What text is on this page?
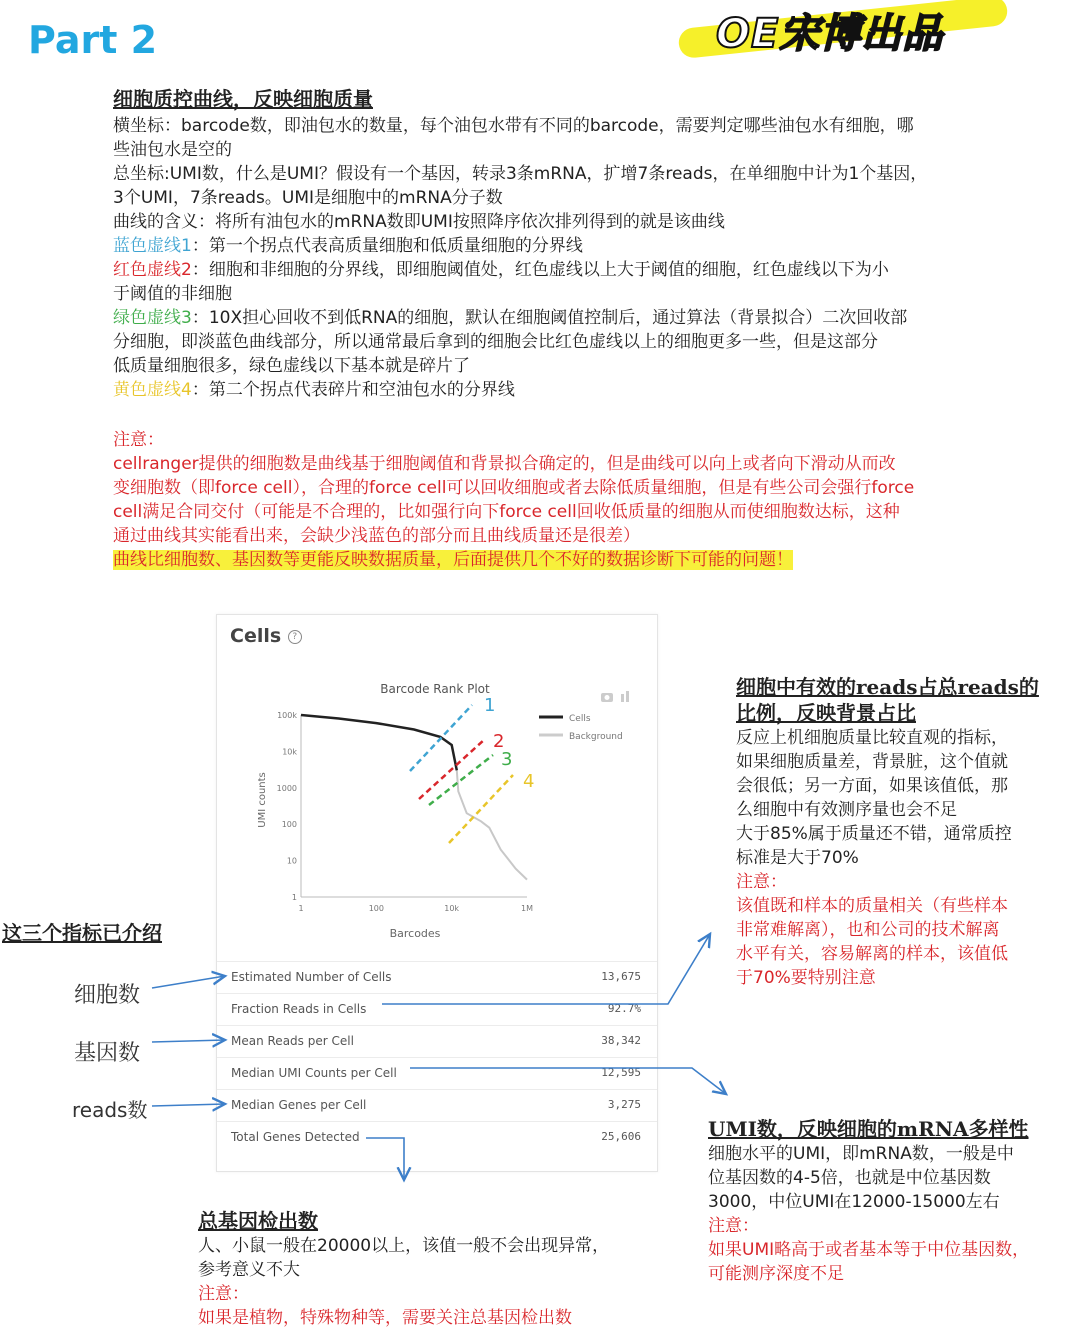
Part 2	OE宋博出品
细胞质控曲线，反映细胞质量
横坐标：barcode数，即油包水的数量，每个油包水带有不同的barcode，需要判定哪些油包水有细胞，哪
些油包水是空的
总坐标:UMI数，什么是UMI？假设有一个基因，转录3条mRNA，扩增7条reads，在单细胞中计为1个基因，
3个UMI，7条reads。UMI是细胞中的mRNA分子数
曲线的含义：将所有油包水的mRNA数即UMI按照降序依次排列得到的就是该曲线
蓝色虚线1：第一个拐点代表高质量细胞和低质量细胞的分界线
红色虚线2：细胞和非细胞的分界线，即细胞阈值处，红色虚线以上大于阈值的细胞，红色虚线以下为小
于阈值的非细胞
绿色虚线3：10X担心回收不到低RNA的细胞，默认在细胞阈值控制后，通过算法（背景拟合）二次回收部
分细胞，即淡蓝色曲线部分，所以通常最后拿到的细胞会比红色虚线以上的细胞更多一些，但是这部分
低质量细胞很多，绿色虚线以下基本就是碎片了
黄色虚线4：第二个拐点代表碎片和空油包水的分界线
注意：
cellranger提供的细胞数是曲线基于细胞阈值和背景拟合确定的，但是曲线可以向上或者向下滑动从而改
变细胞数（即force cell），合理的force cell可以回收细胞或者去除低质量细胞，但是有些公司会强行force
cell满足合同交付（可能是不合理的，比如强行向下force cell回收低质量的细胞从而使细胞数达标，这种
通过曲线其实能看出来，会缺少浅蓝色的部分而且曲线质量还是很差）
曲线比细胞数、基因数等更能反映数据质量，后面提供几个不好的数据诊断下可能的问题！
Cells ?
Barcode Rank Plot
100k
10k
1000
100
10
1
1	100	10k	1M
UMI counts
Barcodes
1
2
3
4
Cells
Background
Estimated Number of Cells	13,675
Fraction Reads in Cells	92.7%
Mean Reads per Cell	38,342
Median UMI Counts per Cell	12,595
Median Genes per Cell	3,275
Total Genes Detected	25,606
这三个指标已介绍
细胞数
基因数
reads数
细胞中有效的reads占总reads的
比例，反映背景占比
反应上机细胞质量比较直观的指标，
如果细胞质量差，背景脏，这个值就
会很低；另一方面，如果该值低，那
么细胞中有效测序量也会不足
大于85%属于质量还不错，通常质控
标准是大于70%
注意：
该值既和样本的质量相关（有些样本
非常难解离），也和公司的技术解离
水平有关，容易解离的样本，该值低
于70%要特别注意
UMI数，反映细胞的mRNA多样性
细胞水平的UMI，即mRNA数，一般是中
位基因数的4-5倍，也就是中位基因数
3000，中位UMI在12000-15000左右
注意：
如果UMI略高于或者基本等于中位基因数，
可能测序深度不足
总基因检出数
人、小鼠一般在20000以上，该值一般不会出现异常，
参考意义不大
注意：
如果是植物，特殊物种等，需要关注总基因检出数
